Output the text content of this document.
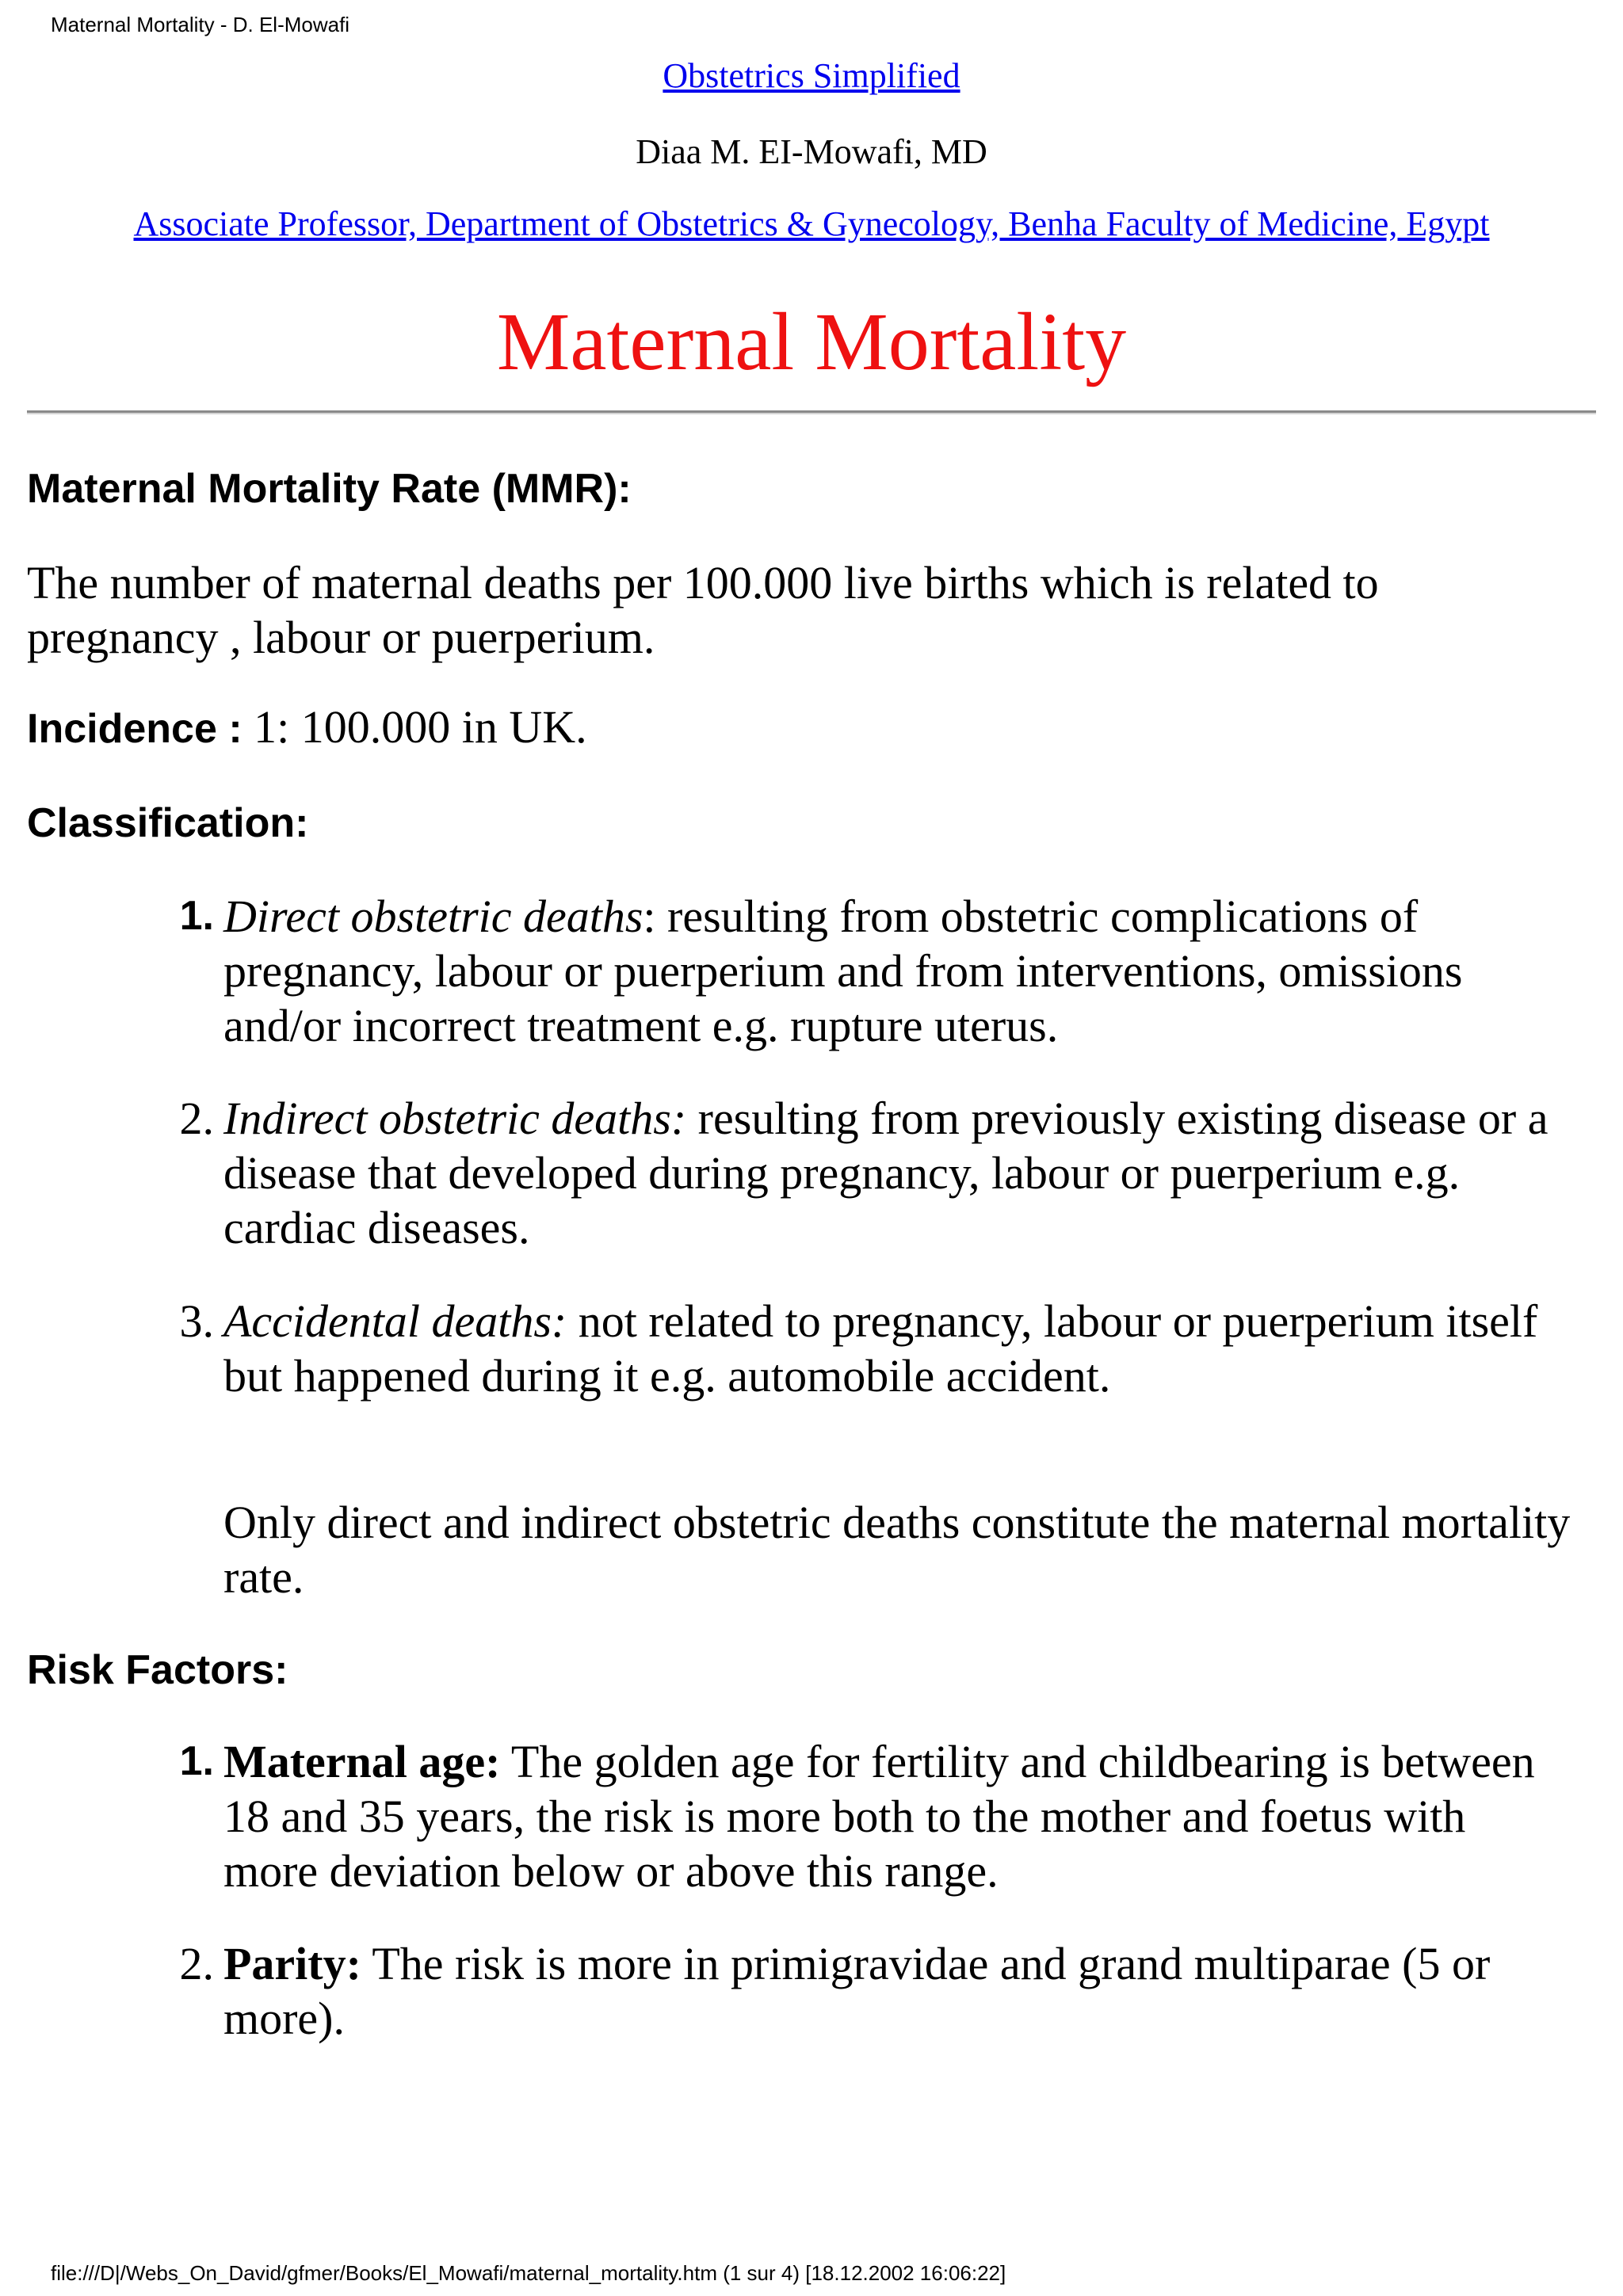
Maternal Mortality - D. El-Mowafi
Obstetrics Simplified
Diaa M. EI-Mowafi, MD
Associate Professor, Department of Obstetrics & Gynecology, Benha Faculty of Medicine, Egypt
Maternal Mortality
Maternal Mortality Rate (MMR):

The number of maternal deaths per 100.000 live births which is related to pregnancy , labour or puerperium.

Incidence : 1: 100.000 in UK.

Classification:
1. Direct obstetric deaths: resulting from obstetric complications of pregnancy, labour or puerperium and from interventions, omissions and/or incorrect treatment e.g. rupture uterus.
2. Indirect obstetric deaths: resulting from previously existing disease or a disease that developed during pregnancy, labour or puerperium e.g. cardiac diseases.
3. Accidental deaths: not related to pregnancy, labour or puerperium itself but happened during it e.g. automobile accident.

Only direct and indirect obstetric deaths constitute the maternal mortality rate.

Risk Factors:
1. Maternal age: The golden age for fertility and childbearing is between 18 and 35 years, the risk is more both to the mother and foetus with more deviation below or above this range.
2. Parity: The risk is more in primigravidae and grand multiparae (5 or more).
file:///D|/Webs_On_David/gfmer/Books/El_Mowafi/maternal_mortality.htm (1 sur 4) [18.12.2002 16:06:22]
